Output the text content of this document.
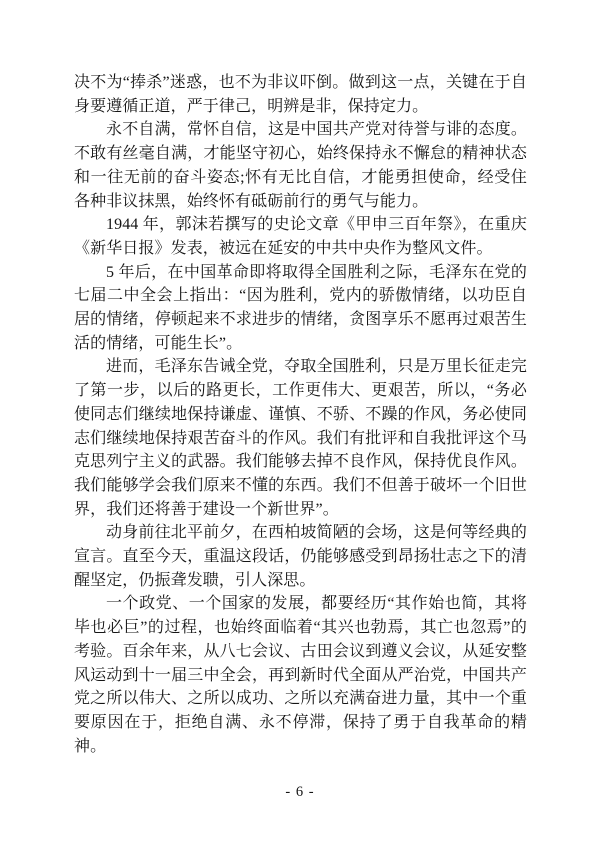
决不为“捧杀”迷惑，也不为非议吓倒。做到这一点，关键在于自身要遵循正道，严于律己，明辨是非，保持定力。

永不自满，常怀自信，这是中国共产党对待誉与诽的态度。不敢有丝毫自满，才能坚守初心，始终保持永不懈怠的精神状态和一往无前的奋斗姿态;怀有无比自信，才能勇担使命，经受住各种非议抹黑，始终怀有砥砺前行的勇气与能力。

1944 年，郭沫若撰写的史论文章《甲申三百年祭》，在重庆《新华日报》发表，被远在延安的中共中央作为整风文件。

5 年后，在中国革命即将取得全国胜利之际，毛泽东在党的七届二中全会上指出：“因为胜利，党内的骄傲情绪，以功臣自居的情绪，停顿起来不求进步的情绪，贪图享乐不愿再过艰苦生活的情绪，可能生长”。

进而，毛泽东告诫全党，夺取全国胜利，只是万里长征走完了第一步，以后的路更长，工作更伟大、更艰苦，所以，“务必使同志们继续地保持谦虚、谨慎、不骄、不躁的作风，务必使同志们继续地保持艰苦奋斗的作风。我们有批评和自我批评这个马克思列宁主义的武器。我们能够去掉不良作风，保持优良作风。我们能够学会我们原来不懂的东西。我们不但善于破坏一个旧世界，我们还将善于建设一个新世界”。

动身前往北平前夕，在西柏坡简陋的会场，这是何等经典的宣言。直至今天，重温这段话，仍能够感受到昂扬壮志之下的清醒坚定，仍振聋发聩，引人深思。

一个政党、一个国家的发展，都要经历“其作始也简，其将毕也必巨”的过程，也始终面临着“其兴也勃焉，其亡也忽焉”的考验。百余年来，从八七会议、古田会议到遵义会议，从延安整风运动到十一届三中全会，再到新时代全面从严治党，中国共产党之所以伟大、之所以成功、之所以充满奋进力量，其中一个重要原因在于，拒绝自满、永不停滞，保持了勇于自我革命的精神。

- 6 -
